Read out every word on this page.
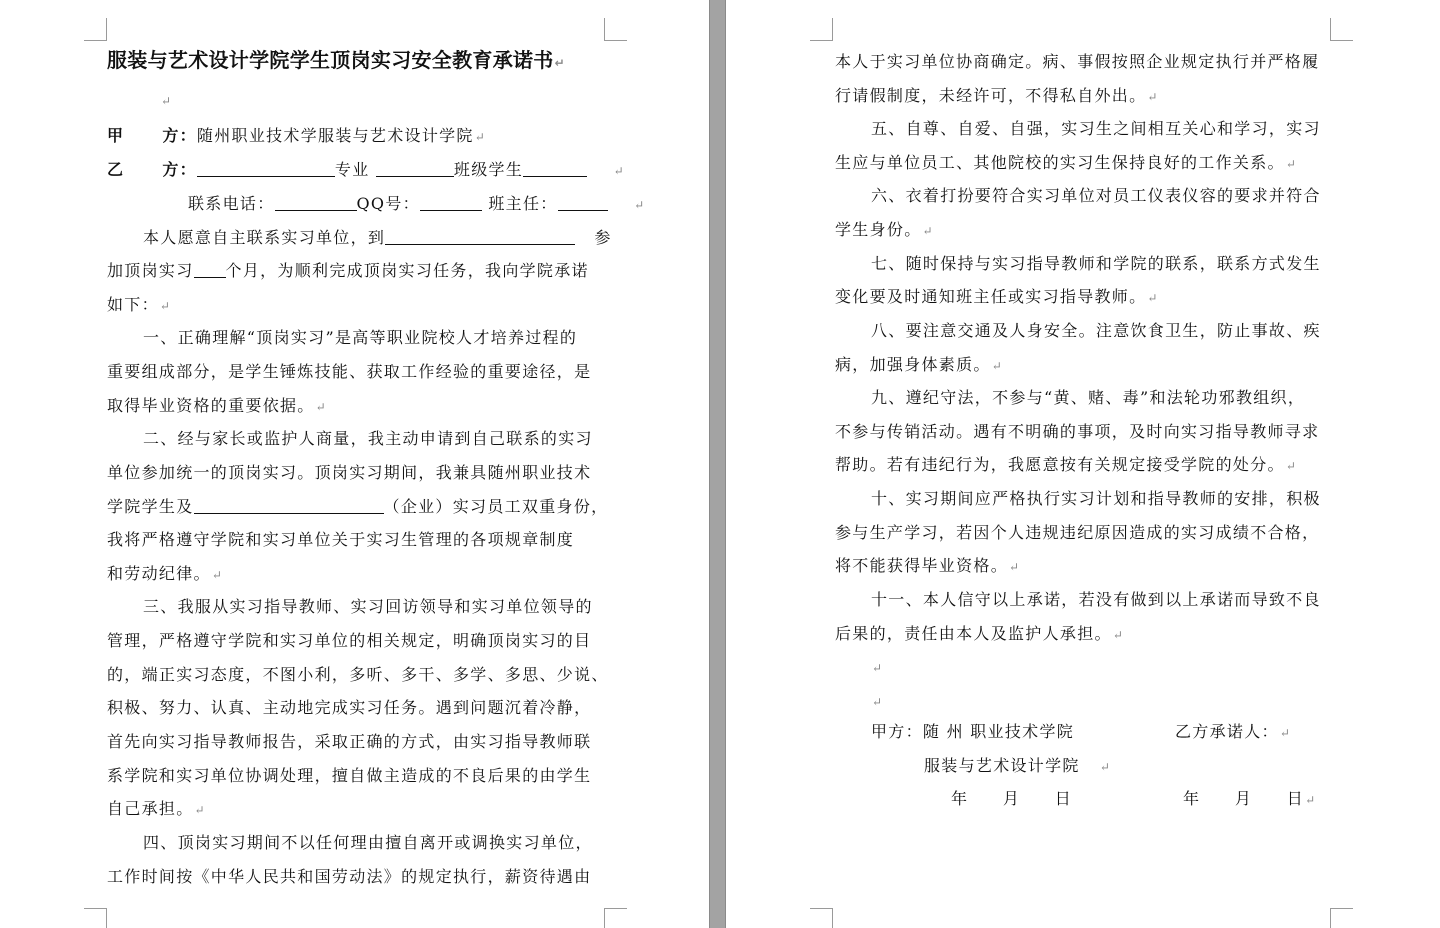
服装与艺术设计学院学生顶岗实习安全教育承诺书 ↵
↵
甲 方：随州职业技术学服装与艺术设计学院 ↵
乙 方：	专业	班级学生     ↵
联系电话：	QQ号：	班主任：     ↵
本人愿意自主联系实习单位，到	参
加顶岗实习 个月，为顺利完成顶岗实习任务，我向学院承诺
如下： ↵
一、正确理解“顶岗实习”是高等职业院校人才培养过程的
重要组成部分，是学生锤炼技能、获取工作经验的重要途径，是
取得毕业资格的重要依据。 ↵
二、经与家长或监护人商量，我主动申请到自己联系的实习
单位参加统一的顶岗实习。顶岗实习期间，我兼具随州职业技术
学院学生及	（企业）实习员工双重身份，
我将严格遵守学院和实习单位关于实习生管理的各项规章制度
和劳动纪律。 ↵
三、我服从实习指导教师、实习回访领导和实习单位领导的
管理，严格遵守学院和实习单位的相关规定，明确顶岗实习的目
的，端正实习态度，不图小利，多听、多干、多学、多思、少说、
积极、努力、认真、主动地完成实习任务。遇到问题沉着冷静，
首先向实习指导教师报告，采取正确的方式，由实习指导教师联
系学院和实习单位协调处理，擅自做主造成的不良后果的由学生
自己承担。 ↵
四、顶岗实习期间不以任何理由擅自离开或调换实习单位，
工作时间按《中华人民共和国劳动法》的规定执行，薪资待遇由
本人于实习单位协商确定。病、事假按照企业规定执行并严格履
行请假制度，未经许可，不得私自外出。 ↵
五、自尊、自爱、自强，实习生之间相互关心和学习，实习
生应与单位员工、其他院校的实习生保持良好的工作关系。 ↵
六、衣着打扮要符合实习单位对员工仪表仪容的要求并符合
学生身份。 ↵
七、随时保持与实习指导教师和学院的联系，联系方式发生
变化要及时通知班主任或实习指导教师。 ↵
八、要注意交通及人身安全。注意饮食卫生，防止事故、疾
病，加强身体素质。 ↵
九、遵纪守法，不参与“黄、赌、毒”和法轮功邪教组织，
不参与传销活动。遇有不明确的事项，及时向实习指导教师寻求
帮助。若有违纪行为，我愿意按有关规定接受学院的处分。 ↵
十、实习期间应严格执行实习计划和指导教师的安排，积极
参与生产学习，若因个人违规违纪原因造成的实习成绩不合格，
将不能获得毕业资格。 ↵
十一、本人信守以上承诺，若没有做到以上承诺而导致不良
后果的，责任由本人及监护人承担。 ↵
↵
↵
甲方：随 州 职业技术学院	乙方承诺人： ↵
服装与艺术设计学院    ↵
年　　月　　日	年　　月　　日 ↵
